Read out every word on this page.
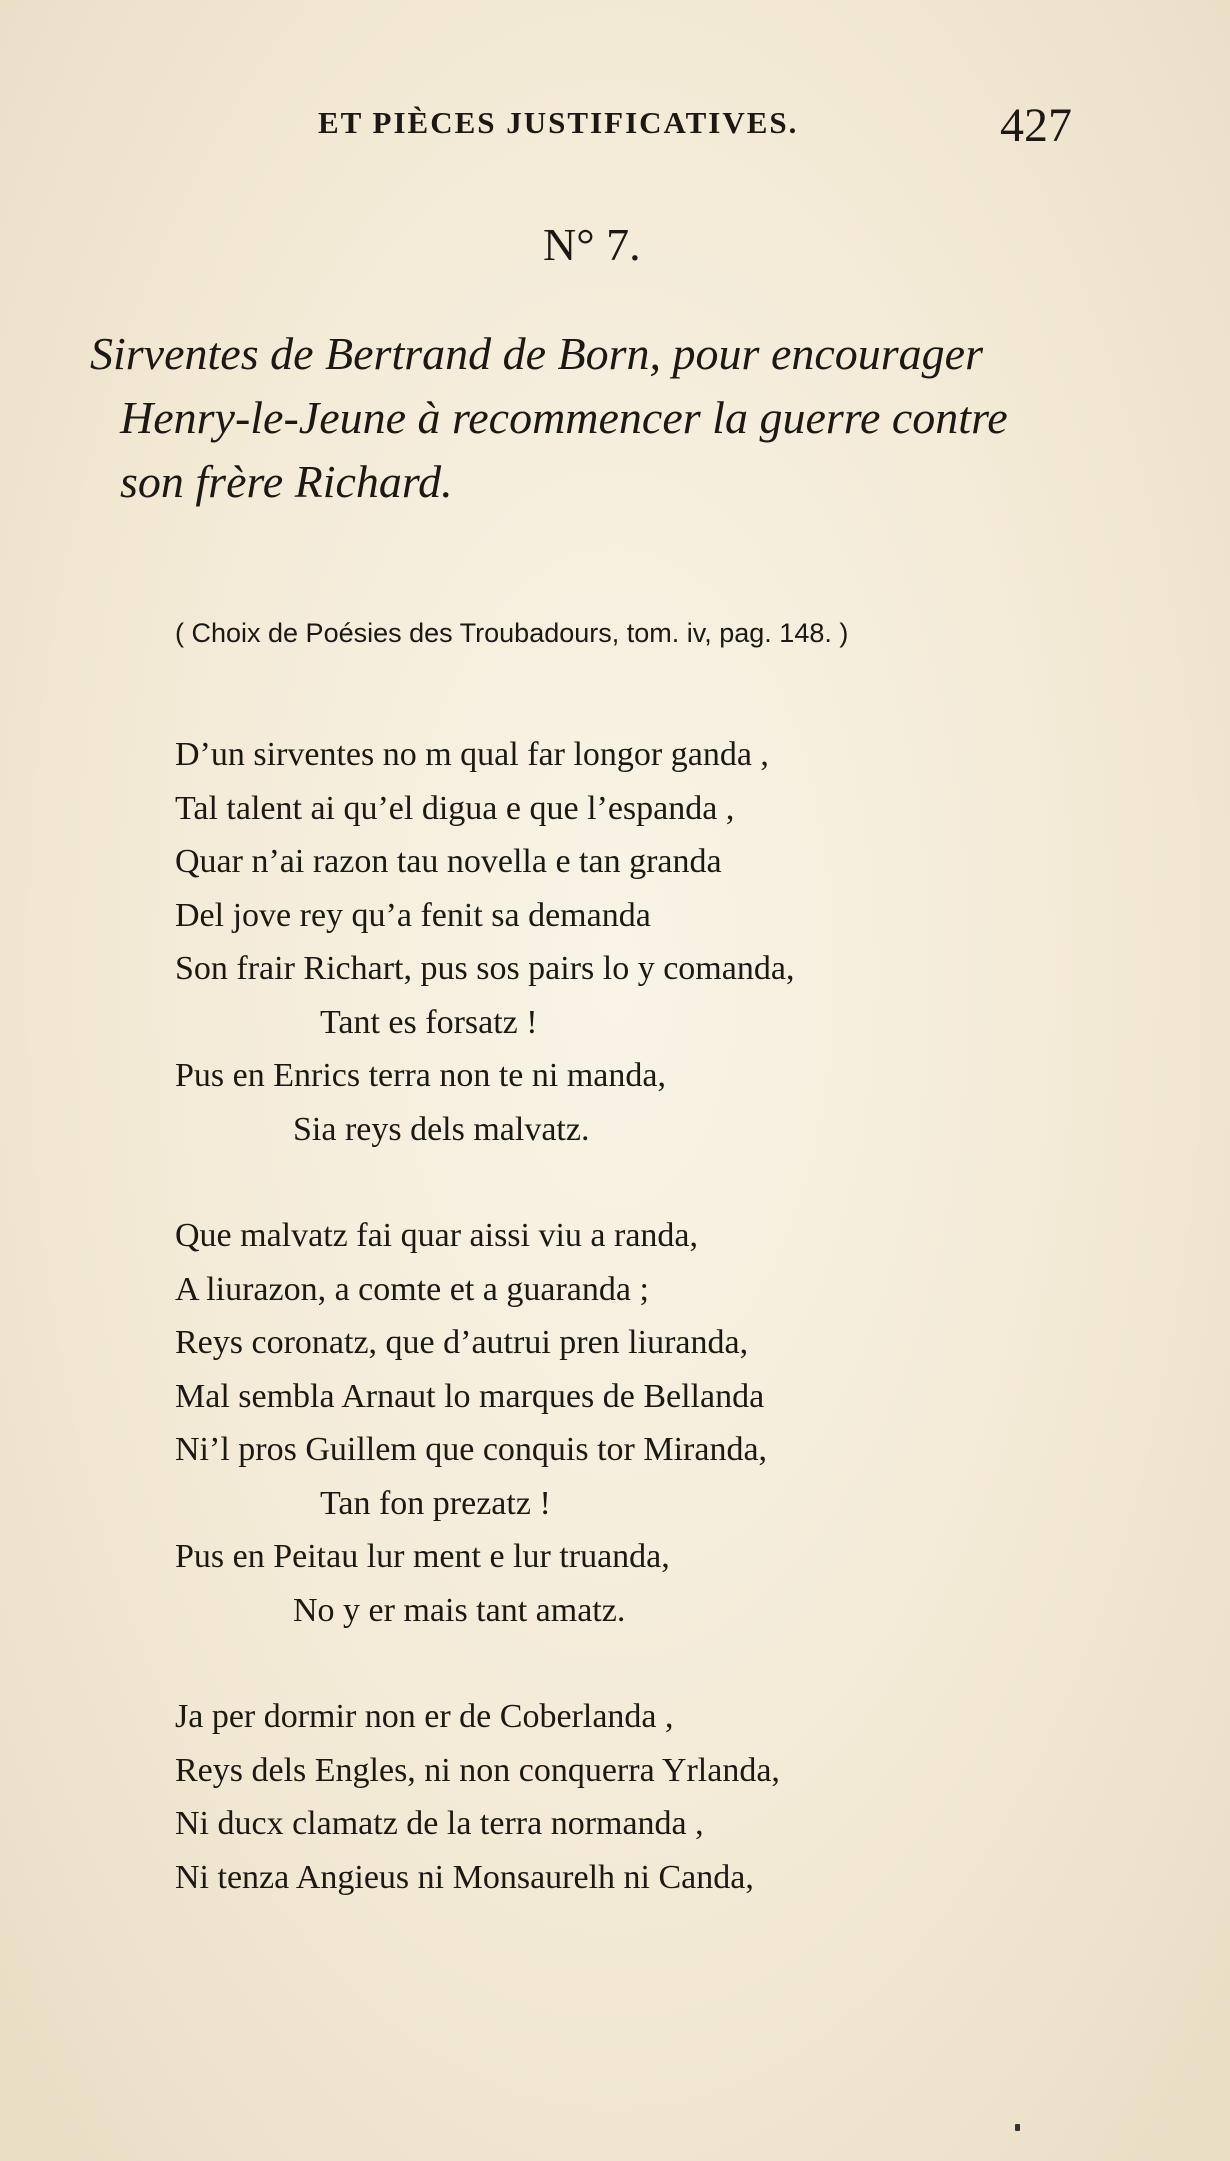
ET PIÈCES JUSTIFICATIVES.	427
N° 7.
Sirventes de Bertrand de Born, pour encourager
Henry-le-Jeune à recommencer la guerre contre
son frère Richard.
( Choix de Poésies des Troubadours, tom. iv, pag. 148. )
D’un sirventes no m qual far longor ganda ,
Tal talent ai qu’el digua e que l’espanda ,
Quar n’ai razon tau novella e tan granda
Del jove rey qu’a fenit sa demanda
Son frair Richart, pus sos pairs lo y comanda,
Tant es forsatz !
Pus en Enrics terra non te ni manda,
Sia reys dels malvatz.
Que malvatz fai quar aissi viu a randa,
A liurazon, a comte et a guaranda ;
Reys coronatz, que d’autrui pren liuranda,
Mal sembla Arnaut lo marques de Bellanda
Ni’l pros Guillem que conquis tor Miranda,
Tan fon prezatz !
Pus en Peitau lur ment e lur truanda,
No y er mais tant amatz.
Ja per dormir non er de Coberlanda ,
Reys dels Engles, ni non conquerra Yrlanda,
Ni ducx clamatz de la terra normanda ,
Ni tenza Angieus ni Monsaurelh ni Canda,
